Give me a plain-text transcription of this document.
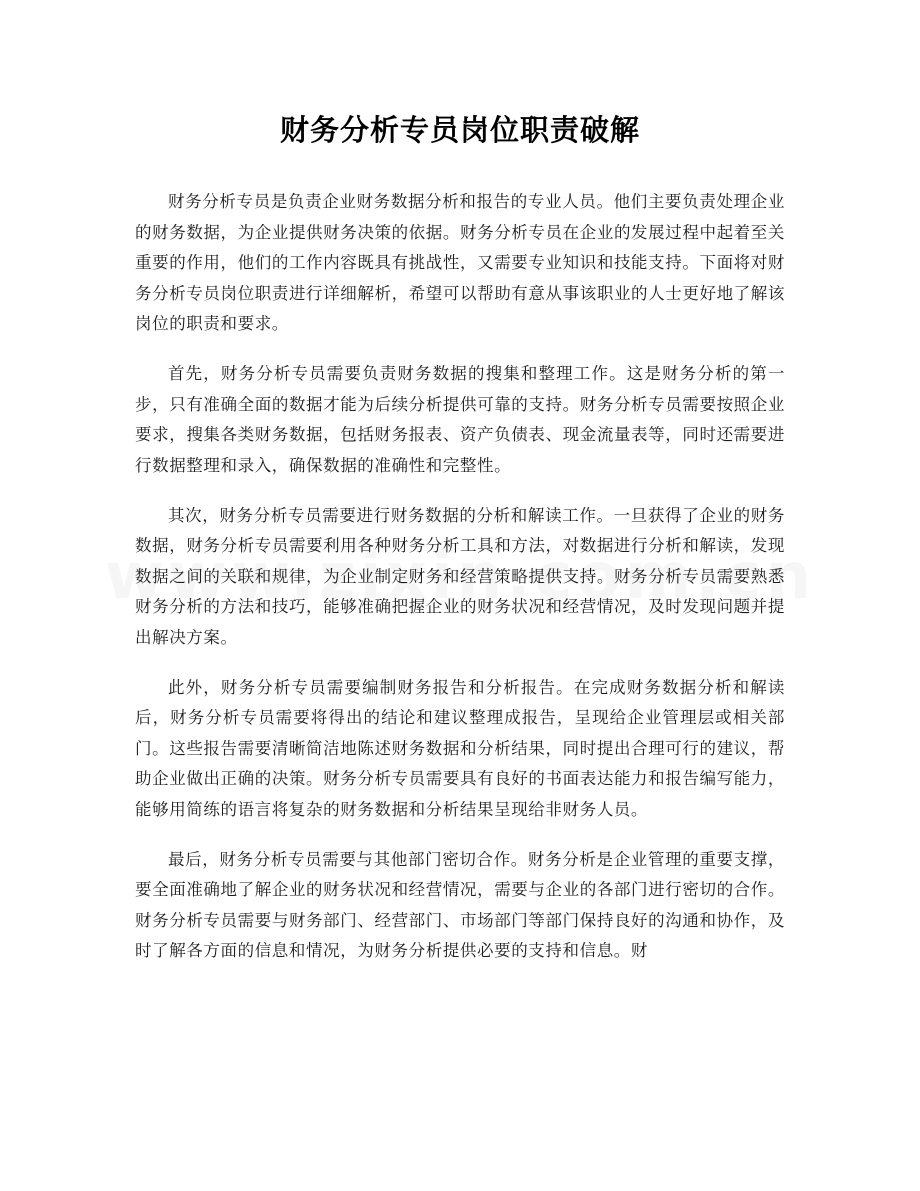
财务分析专员岗位职责破解

财务分析专员是负责企业财务数据分析和报告的专业人员。他们主要负责处理企业的财务数据，为企业提供财务决策的依据。财务分析专员在企业的发展过程中起着至关重要的作用，他们的工作内容既具有挑战性，又需要专业知识和技能支持。下面将对财务分析专员岗位职责进行详细解析，希望可以帮助有意从事该职业的人士更好地了解该岗位的职责和要求。

首先，财务分析专员需要负责财务数据的搜集和整理工作。这是财务分析的第一步，只有准确全面的数据才能为后续分析提供可靠的支持。财务分析专员需要按照企业要求，搜集各类财务数据，包括财务报表、资产负债表、现金流量表等，同时还需要进行数据整理和录入，确保数据的准确性和完整性。

其次，财务分析专员需要进行财务数据的分析和解读工作。一旦获得了企业的财务数据，财务分析专员需要利用各种财务分析工具和方法，对数据进行分析和解读，发现数据之间的关联和规律，为企业制定财务和经营策略提供支持。财务分析专员需要熟悉财务分析的方法和技巧，能够准确把握企业的财务状况和经营情况，及时发现问题并提出解决方案。

此外，财务分析专员需要编制财务报告和分析报告。在完成财务数据分析和解读后，财务分析专员需要将得出的结论和建议整理成报告，呈现给企业管理层或相关部门。这些报告需要清晰简洁地陈述财务数据和分析结果，同时提出合理可行的建议，帮助企业做出正确的决策。财务分析专员需要具有良好的书面表达能力和报告编写能力，能够用简练的语言将复杂的财务数据和分析结果呈现给非财务人员。

最后，财务分析专员需要与其他部门密切合作。财务分析是企业管理的重要支撑，要全面准确地了解企业的财务状况和经营情况，需要与企业的各部门进行密切的合作。财务分析专员需要与财务部门、经营部门、市场部门等部门保持良好的沟通和协作，及时了解各方面的信息和情况，为财务分析提供必要的支持和信息。财
